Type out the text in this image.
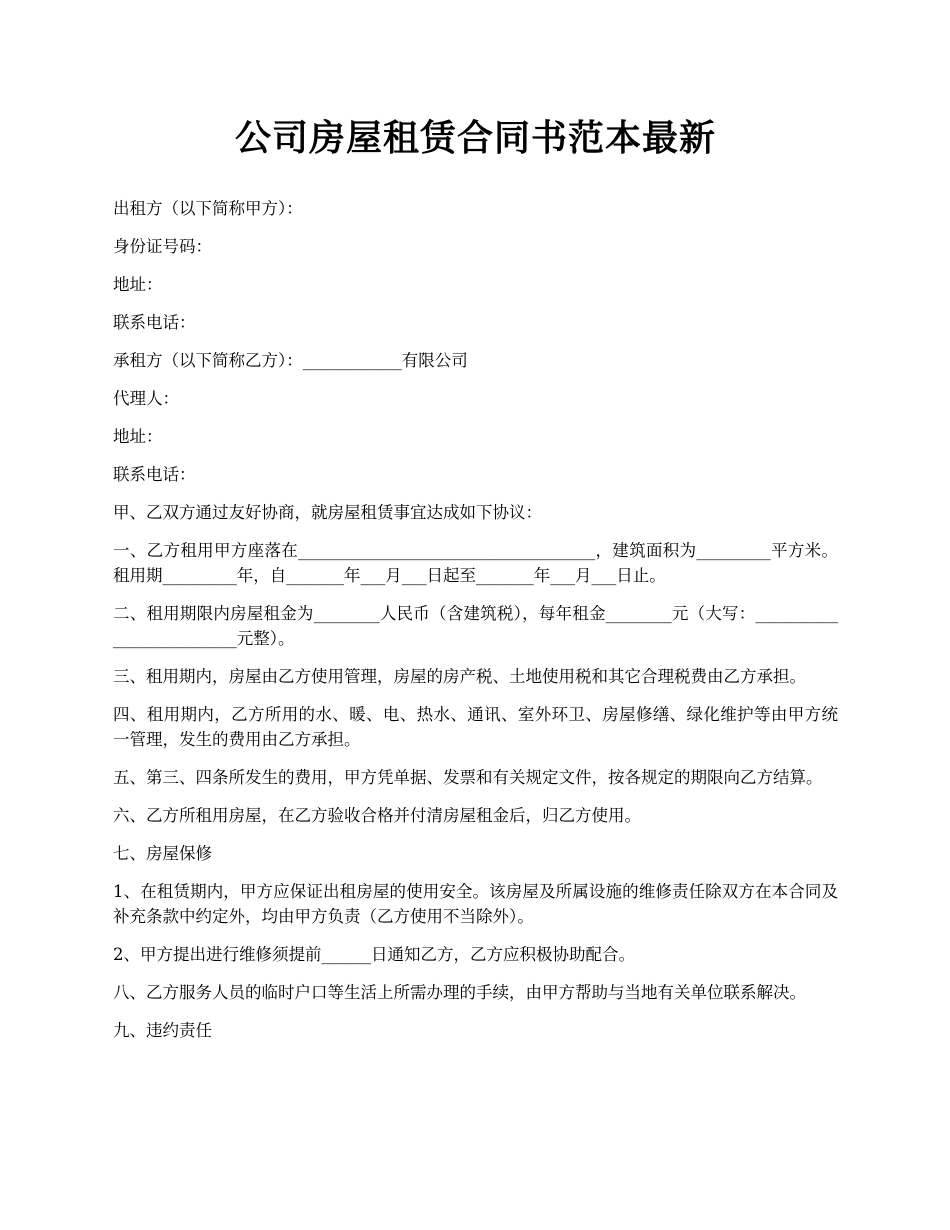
公司房屋租赁合同书范本最新

出租方（以下简称甲方）：

身份证号码：

地址：

联系电话：

承租方（以下简称乙方）：____________有限公司

代理人：

地址：

联系电话：

甲、乙双方通过友好协商，就房屋租赁事宜达成如下协议：

一、乙方租用甲方座落在____________________________________，建筑面积为_________平方米。租用期_________年，自_______年___月___日起至_______年___月___日止。

二、租用期限内房屋租金为________人民币（含建筑税），每年租金________元（大写：_________________________元整）。

三、租用期内，房屋由乙方使用管理，房屋的房产税、土地使用税和其它合理税费由乙方承担。

四、租用期内，乙方所用的水、暖、电、热水、通讯、室外环卫、房屋修缮、绿化维护等由甲方统一管理，发生的费用由乙方承担。

五、第三、四条所发生的费用，甲方凭单据、发票和有关规定文件，按各规定的期限向乙方结算。

六、乙方所租用房屋，在乙方验收合格并付清房屋租金后，归乙方使用。

七、房屋保修

1、在租赁期内，甲方应保证出租房屋的使用安全。该房屋及所属设施的维修责任除双方在本合同及补充条款中约定外，均由甲方负责（乙方使用不当除外）。

2、甲方提出进行维修须提前______日通知乙方，乙方应积极协助配合。

八、乙方服务人员的临时户口等生活上所需办理的手续，由甲方帮助与当地有关单位联系解决。

九、违约责任
